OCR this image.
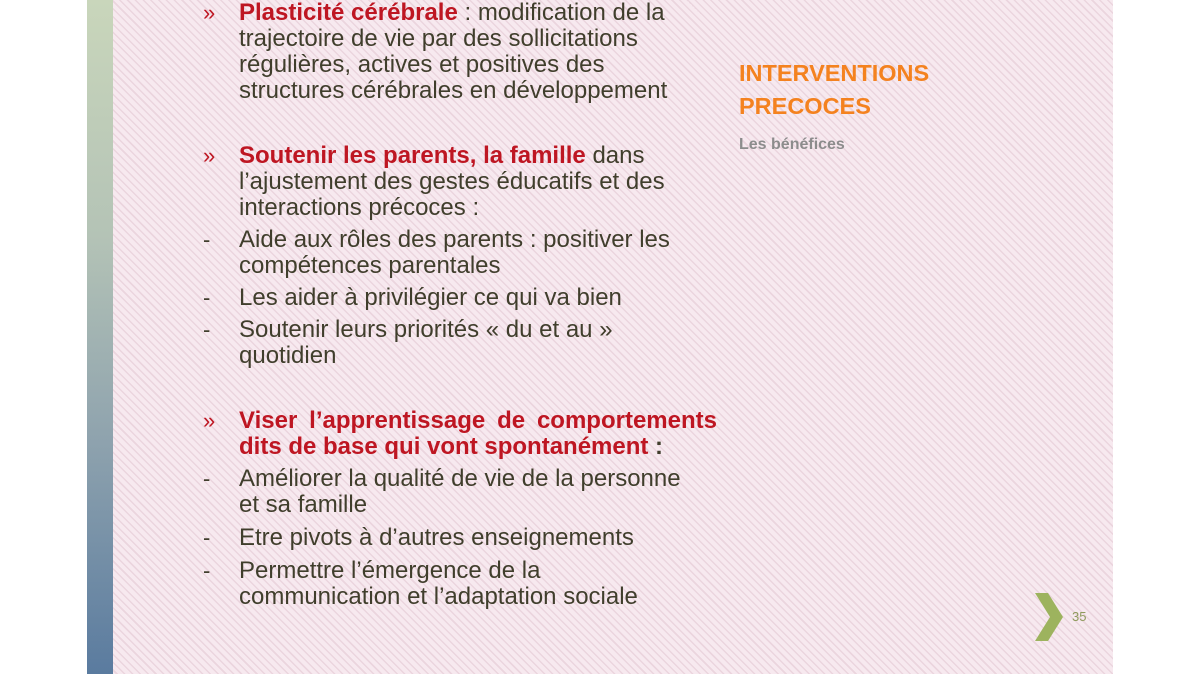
» Plasticité cérébrale : modification de la
trajectoire de vie par des sollicitations
régulières, actives et positives des
structures cérébrales en développement
» Soutenir les parents, la famille dans
l’ajustement des gestes éducatifs et des
interactions précoces :
- Aide aux rôles des parents : positiver les
compétences parentales
- Les aider à privilégier ce qui va bien
- Soutenir leurs priorités « du et au »
quotidien
» Viser l’apprentissage de comportements
dits de base qui vont spontanément :
- Améliorer la qualité de vie de la personne
et sa famille
- Etre pivots à d’autres enseignements
- Permettre l’émergence de la
communication et l’adaptation sociale
INTERVENTIONS
PRECOCES
Les bénéfices
35
